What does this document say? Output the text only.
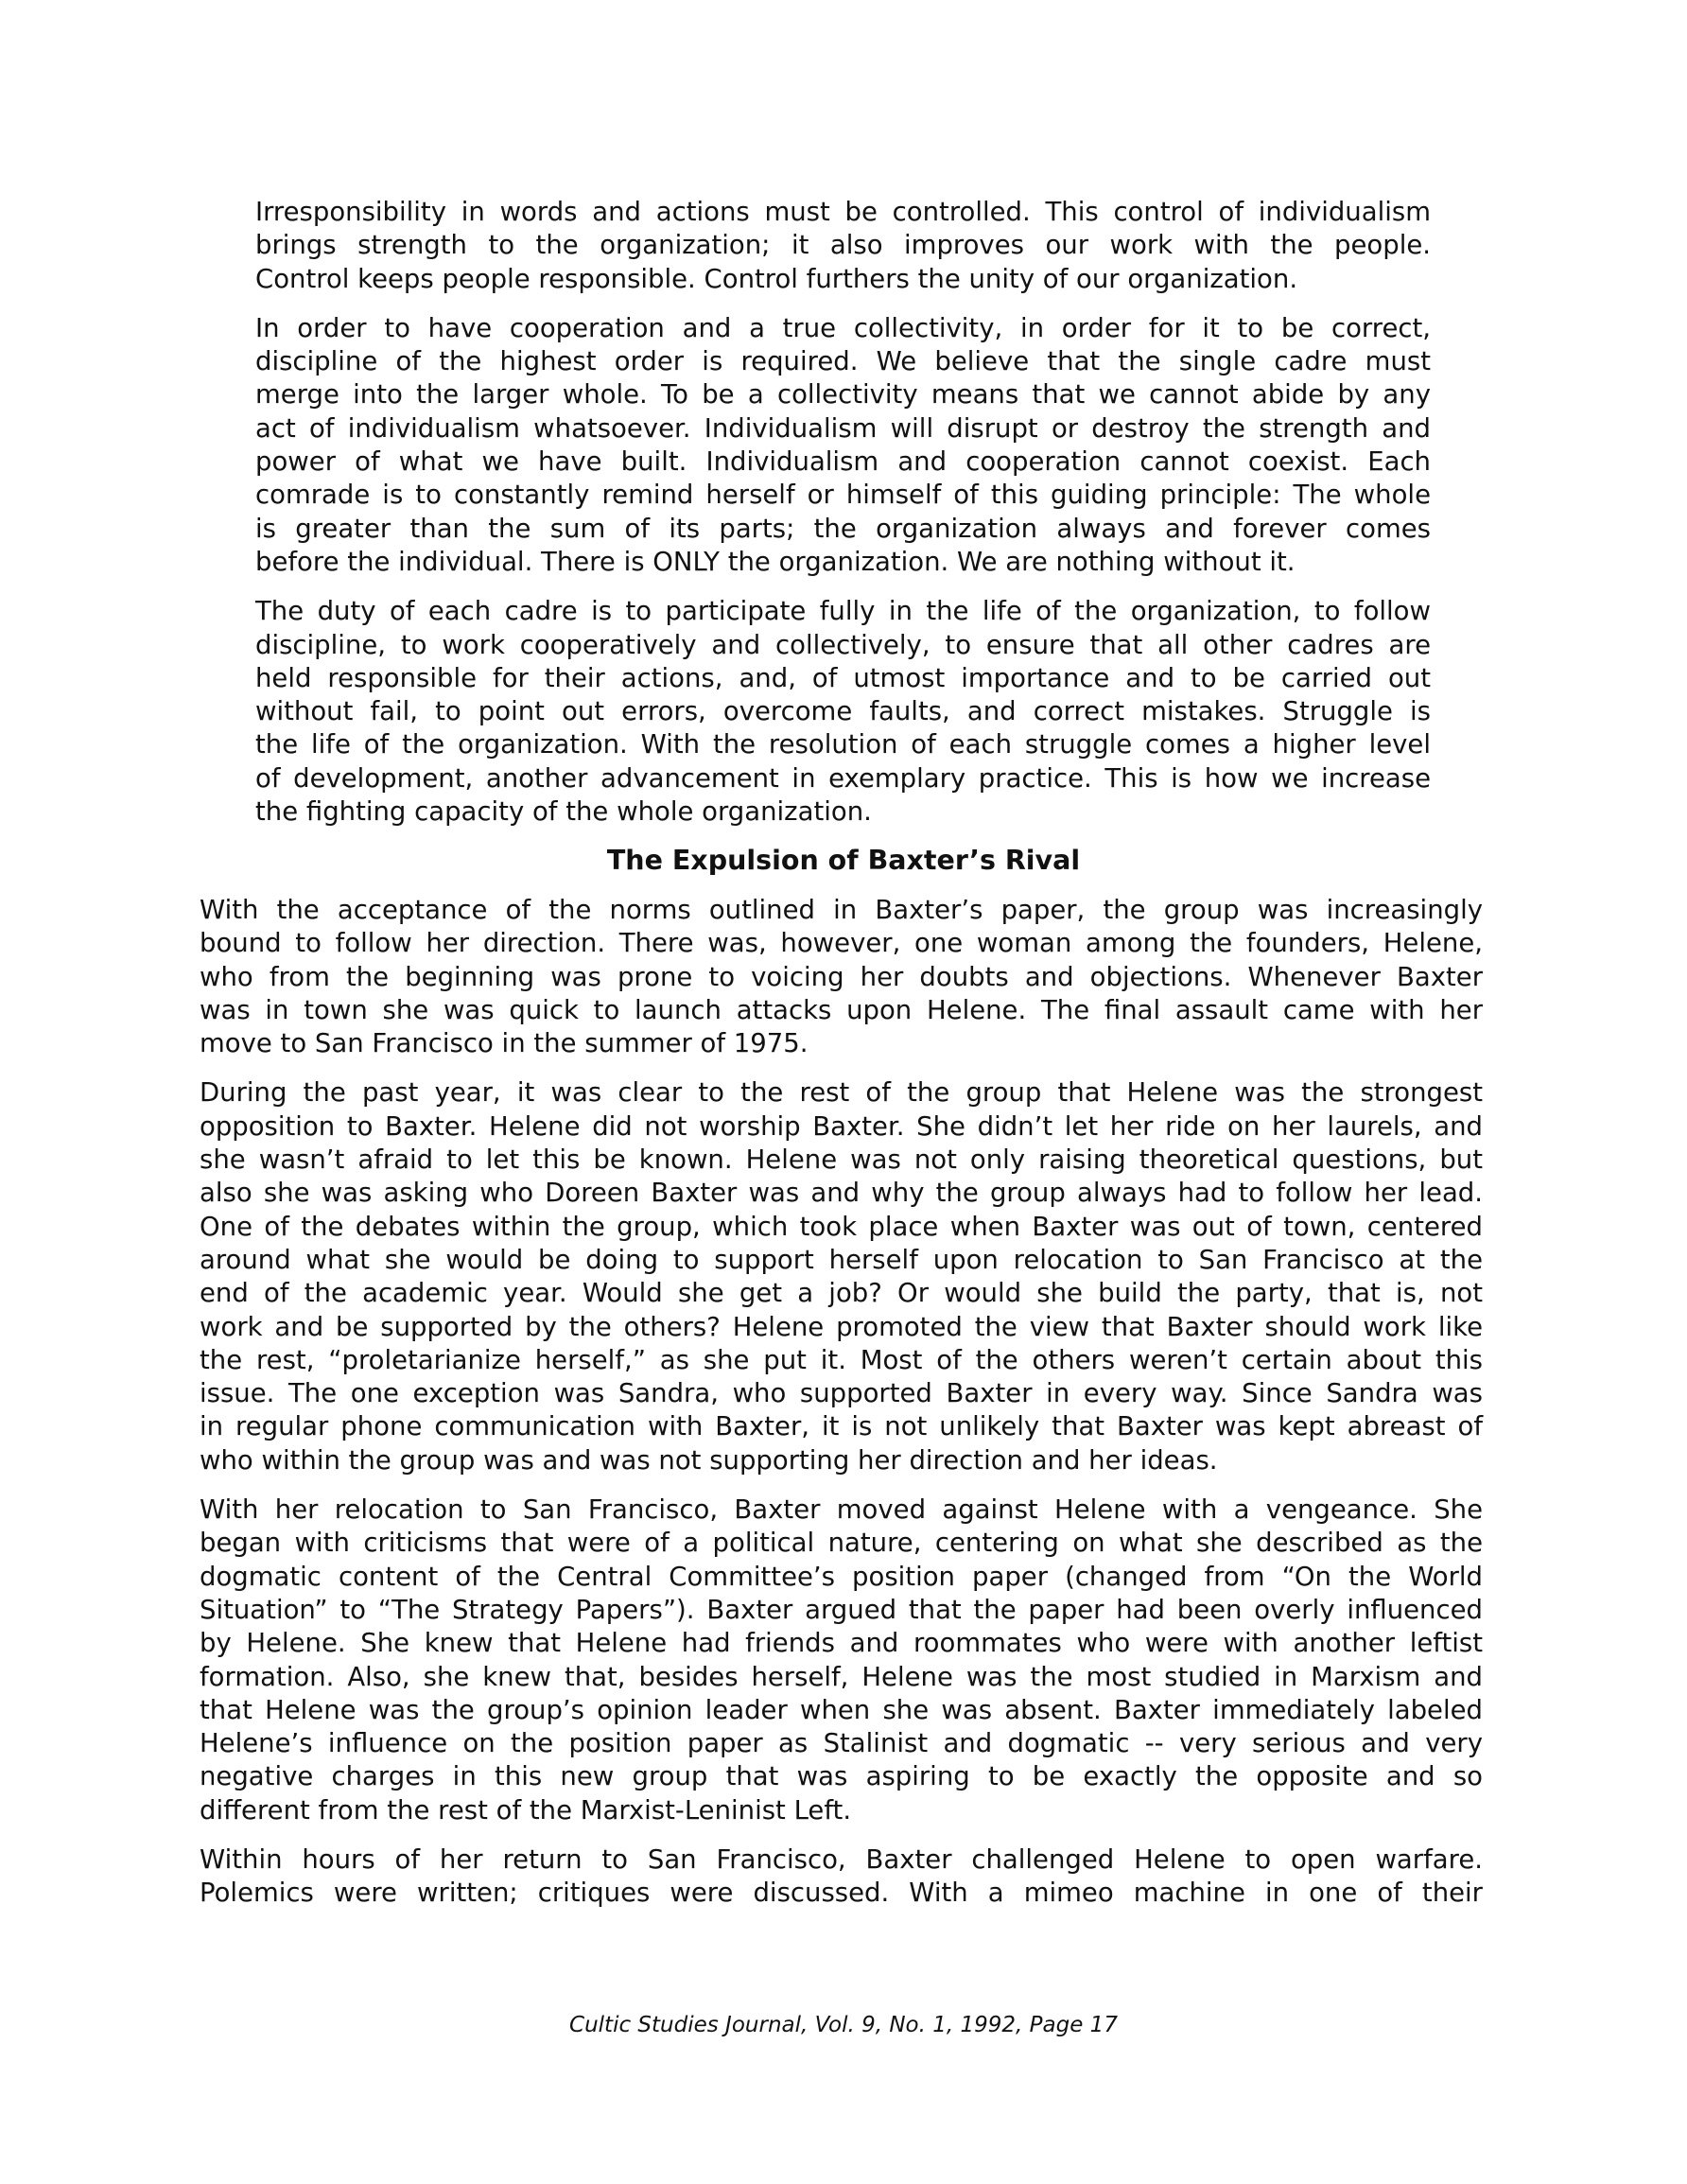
Irresponsibility in words and actions must be controlled. This control of individualism
brings strength to the organization; it also improves our work with the people.
Control keeps people responsible. Control furthers the unity of our organization.

In order to have cooperation and a true collectivity, in order for it to be correct,
discipline of the highest order is required. We believe that the single cadre must
merge into the larger whole. To be a collectivity means that we cannot abide by any
act of individualism whatsoever. Individualism will disrupt or destroy the strength and
power of what we have built. Individualism and cooperation cannot coexist. Each
comrade is to constantly remind herself or himself of this guiding principle: The whole
is greater than the sum of its parts; the organization always and forever comes
before the individual. There is ONLY the organization. We are nothing without it.

The duty of each cadre is to participate fully in the life of the organization, to follow
discipline, to work cooperatively and collectively, to ensure that all other cadres are
held responsible for their actions, and, of utmost importance and to be carried out
without fail, to point out errors, overcome faults, and correct mistakes. Struggle is
the life of the organization. With the resolution of each struggle comes a higher level
of development, another advancement in exemplary practice. This is how we increase
the fighting capacity of the whole organization.

The Expulsion of Baxter’s Rival

With the acceptance of the norms outlined in Baxter’s paper, the group was increasingly
bound to follow her direction. There was, however, one woman among the founders, Helene,
who from the beginning was prone to voicing her doubts and objections. Whenever Baxter
was in town she was quick to launch attacks upon Helene. The final assault came with her
move to San Francisco in the summer of 1975.

During the past year, it was clear to the rest of the group that Helene was the strongest
opposition to Baxter. Helene did not worship Baxter. She didn’t let her ride on her laurels, and
she wasn’t afraid to let this be known. Helene was not only raising theoretical questions, but
also she was asking who Doreen Baxter was and why the group always had to follow her lead.
One of the debates within the group, which took place when Baxter was out of town, centered
around what she would be doing to support herself upon relocation to San Francisco at the
end of the academic year. Would she get a job? Or would she build the party, that is, not
work and be supported by the others? Helene promoted the view that Baxter should work like
the rest, “proletarianize herself,” as she put it. Most of the others weren’t certain about this
issue. The one exception was Sandra, who supported Baxter in every way. Since Sandra was
in regular phone communication with Baxter, it is not unlikely that Baxter was kept abreast of
who within the group was and was not supporting her direction and her ideas.

With her relocation to San Francisco, Baxter moved against Helene with a vengeance. She
began with criticisms that were of a political nature, centering on what she described as the
dogmatic content of the Central Committee’s position paper (changed from “On the World
Situation” to “The Strategy Papers”). Baxter argued that the paper had been overly influenced
by Helene. She knew that Helene had friends and roommates who were with another leftist
formation. Also, she knew that, besides herself, Helene was the most studied in Marxism and
that Helene was the group’s opinion leader when she was absent. Baxter immediately labeled
Helene’s influence on the position paper as Stalinist and dogmatic -- very serious and very
negative charges in this new group that was aspiring to be exactly the opposite and so
different from the rest of the Marxist-Leninist Left.

Within hours of her return to San Francisco, Baxter challenged Helene to open warfare.
Polemics were written; critiques were discussed. With a mimeo machine in one of their

Cultic Studies Journal, Vol. 9, No. 1, 1992, Page 17
